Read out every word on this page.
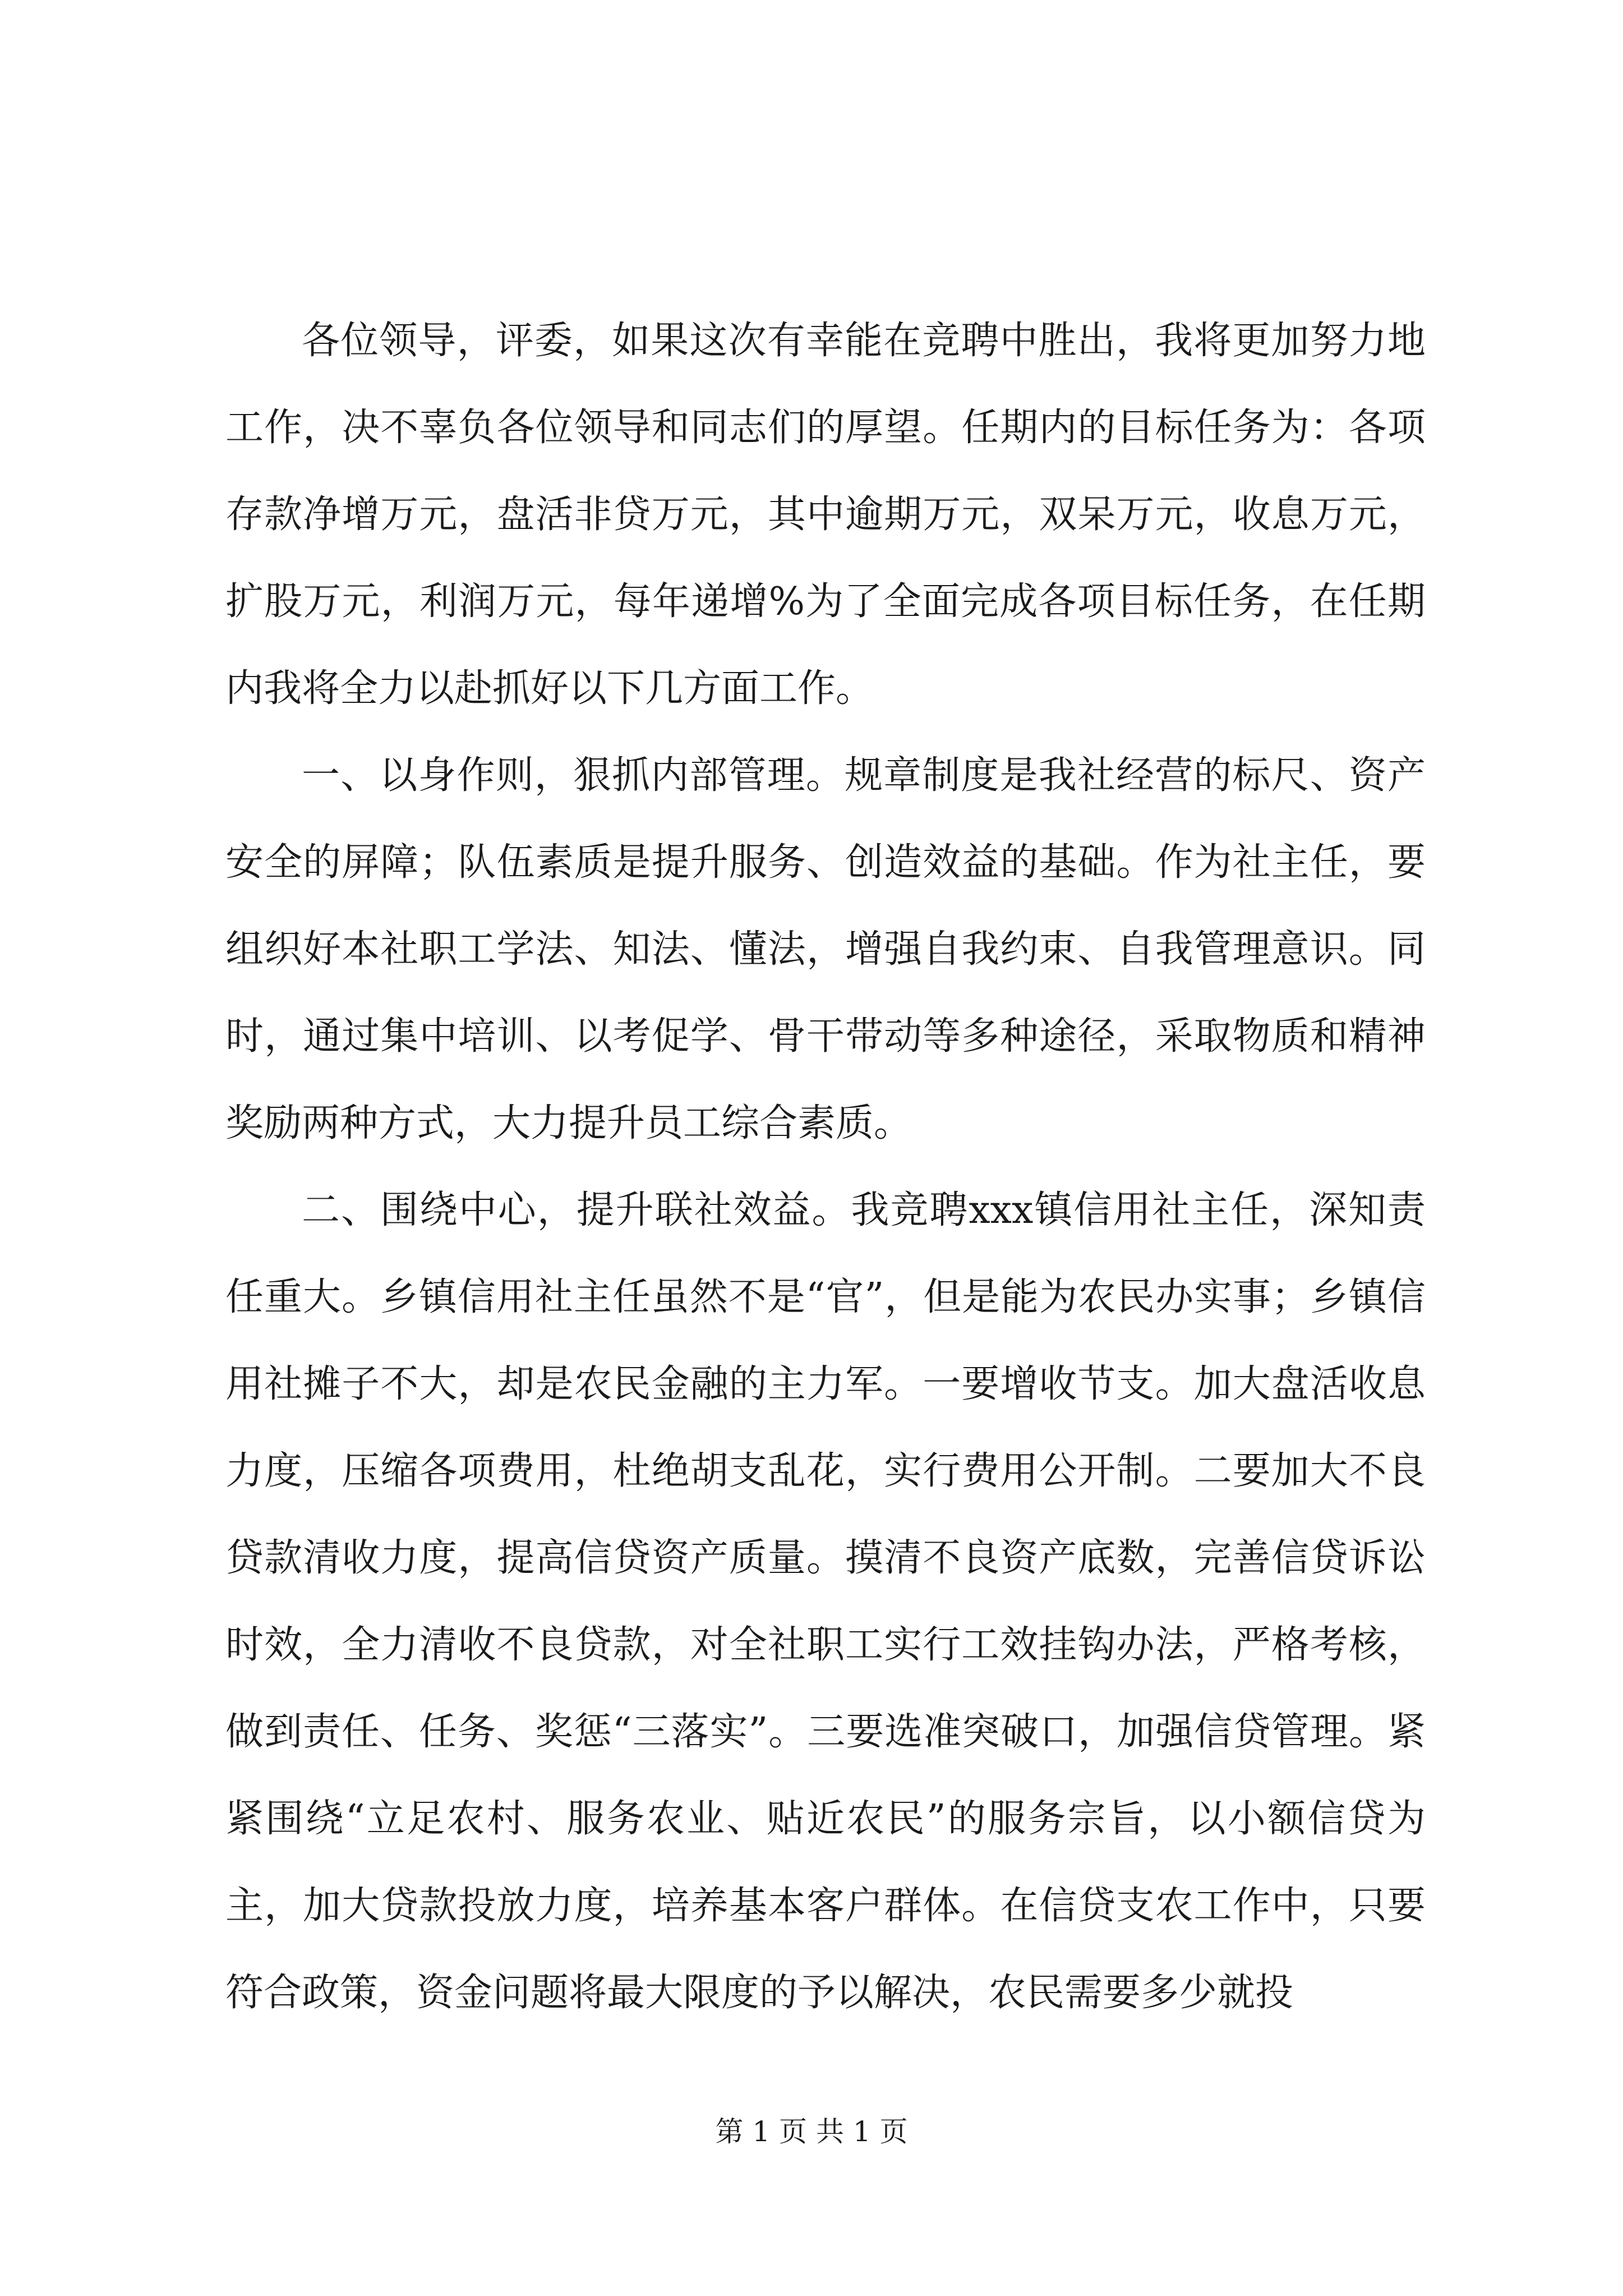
各位领导，评委，如果这次有幸能在竞聘中胜出，我将更加努力地工作，决不辜负各位领导和同志们的厚望。任期内的目标任务为：各项存款净增万元，盘活非贷万元，其中逾期万元，双呆万元，收息万元，扩股万元，利润万元，每年递增%为了全面完成各项目标任务，在任期内我将全力以赴抓好以下几方面工作。

一、以身作则，狠抓内部管理。规章制度是我社经营的标尺、资产安全的屏障；队伍素质是提升服务、创造效益的基础。作为社主任，要组织好本社职工学法、知法、懂法，增强自我约束、自我管理意识。同时，通过集中培训、以考促学、骨干带动等多种途径，采取物质和精神奖励两种方式，大力提升员工综合素质。

二、围绕中心，提升联社效益。我竞聘xxx镇信用社主任，深知责任重大。乡镇信用社主任虽然不是“官”，但是能为农民办实事；乡镇信用社摊子不大，却是农民金融的主力军。一要增收节支。加大盘活收息力度，压缩各项费用，杜绝胡支乱花，实行费用公开制。二要加大不良贷款清收力度，提高信贷资产质量。摸清不良资产底数，完善信贷诉讼时效，全力清收不良贷款，对全社职工实行工效挂钩办法，严格考核，做到责任、任务、奖惩“三落实”。三要选准突破口，加强信贷管理。紧紧围绕“立足农村、服务农业、贴近农民”的服务宗旨，以小额信贷为主，加大贷款投放力度，培养基本客户群体。在信贷支农工作中，只要符合政策，资金问题将最大限度的予以解决，农民需要多少就投

第 1 页 共 1 页
